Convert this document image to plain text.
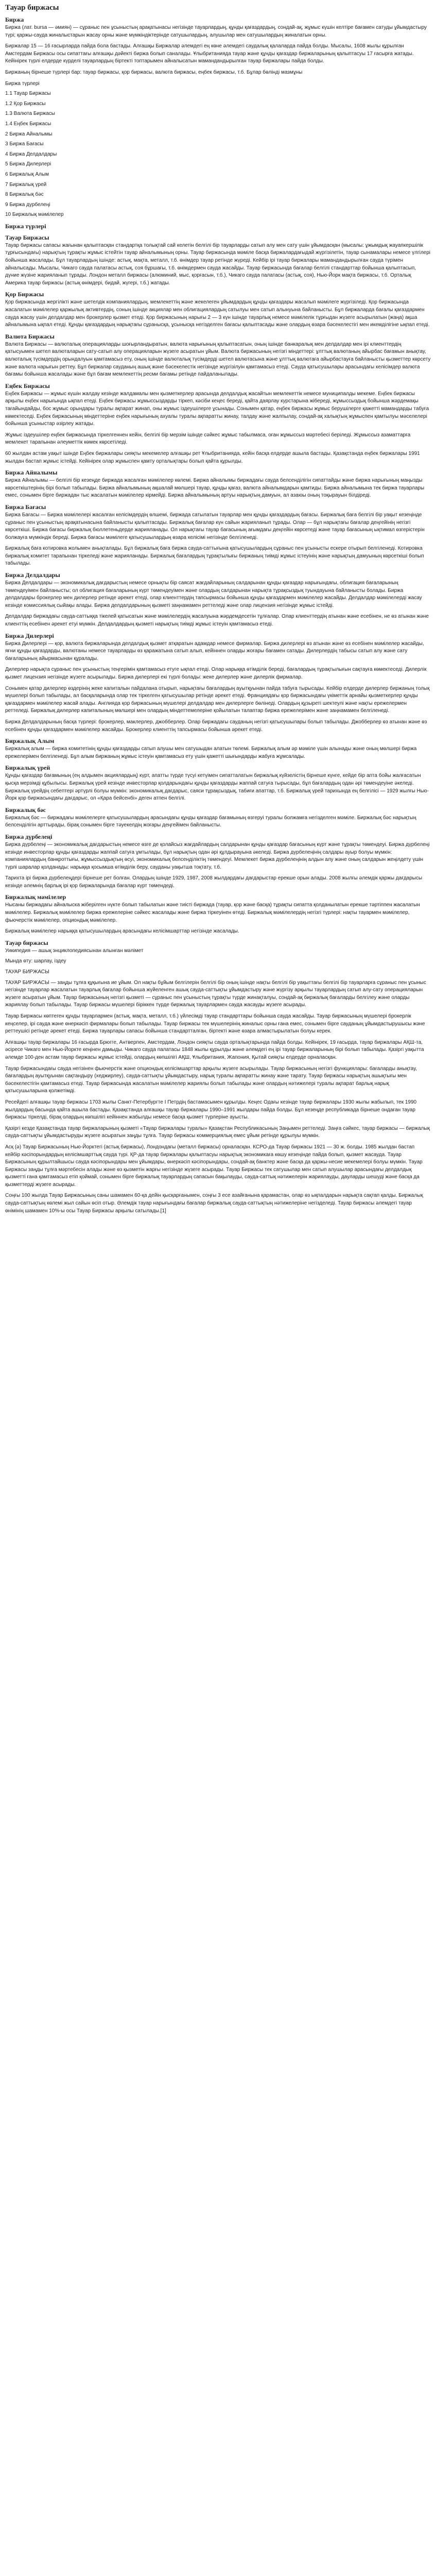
Тауар биржасы
Биржа

Биржа (лат. bursa — әмиян) — сұраныс пен ұсыныстың арақатынасы негізінде тауарлардың, құнды қағаздардың, сондай-ақ, жұмыс күшін келтіре бағамен сатуды ұйымдастыру түрі; қаржы-сауда жиналыстарын жасау орны және мүмкіндіктерінде сатушылардың, алушылар мен сатушылардың жиналатын орны.

Биржалар 15 — 16 ғасырларда пайда бола бастады. Алғашқы Биржалар әлемдегі ең көне әлемдегі саудалық қалаларда пайда болды. Мысалы, 1608 жылы құрылған Амстердам Биржасы осы сипаттағы алғашқы дәйекті биржа болып саналады. Ұлыбританияда тауар және құнды қағаздар биржаларының қалыптасуы 17 ғасырға жатады. Кейінірек түрлі елдерде күрделі тауарлардың біртекті топтарымен айналысатын мамандандырылған тауар биржалары пайда болды.

Биржаның бірнеше түрлері бар: тауар биржасы, қор биржасы, валюта биржасы, еңбек биржасы, т.б. Бұлар бөлінді мазмұны

Биржа түрлері
1.1 Тауар Биржасы
1.2 Қор Биржасы
1.3 Валюта Биржасы
1.4 Еңбек Биржасы
2 Биржа Айналымы
3 Биржа Бағасы
4 Биржа Делдалдары
5 Биржа Дилерлері
6 Биржалық Алым
7 Биржалық үрей
8 Биржалық бәс
9 Биржа дүрбелеңі
10 Биржалық мәмілелер
Биржа түрлері
Тауар Биржасы

Тауар биржасы сапасы жағынан қалыптасқан стандартқа толықтай сай келетін белгілі бір тауарларды сатып алу мен сату үшін ұйымдасқан (мысалы: ұжымдық жауапкершілік тұрғысындағы) нарықтың тұрақты жұмыс істейтін тауар айналымының орны. Тауар биржасында мәміле басқа биржалардағыдай жүргізілетін, тауар сынамалары немесе үлгілері бойынша жасалады. Бұл тауарлардың ішінде: астық, мақта, металл, т.б. өнімдер тауар ретінде жүреді. Кейбір ірі тауар биржалары мамандандырылған сауда түрімен айналысады. Мысалы, Чикаго сауда палатасы астық, соя бұршағы, т.б. өнімдермен сауда жасайды. Тауар биржасында бағалар белгілі стандарттар бойынша қалыптасып, дүние жүзіне жарияланып тұрады. Лондон металл биржасы (алюминий, мыс, қорғасын, т.б.), Чикаго сауда палатасы (астық, соя), Нью-Йорк мақта биржасы, т.б. Орталық Америка тауар биржасы (астық өнімдері, бидай, жүгері, т.б.) жатады.

Қор Биржасы

Қор биржасында жергілікті және шетелдік компаниялардың, мемлекеттің және жекелеген ұйымдардың құнды қағаздары жасалып мәмілеге жүргізіледі. Қор биржасында жасалатын мәмілелер қаржылық активтердің, соның ішінде акциялар мен облигациялардың сатылуы мен сатып алынуына байланысты. Бұл биржаларда бағалы қағаздармен сауда жасау үшін делдалдар мен брокерлер қызмет етеді. Қор биржасының нарығы 2 — 3 күн ішінде тауарлық немесе мәмілелік тұрғыдан жүзеге асырылатын (жаңа) ақша айналымына ықпал етеді. Құнды қағаздардың нарықтағы сұранысқа, ұсынысқа негізделген бағасы қалыптасады және олардың өзара бәсекелестігі мен икемділігіне ықпал етеді.

Валюта Биржасы

Валюта Биржасы — валюталық операцияларды шоғырландыратын, валюта нарығының қалыптасатын, оның ішінде банкаралық мен делдалдар мен ірі клиенттердің қатысуымен шетел валюталарын сату-сатып алу операцияларын жүзеге асыратын ұйым. Валюта биржасының негізгі міндеттері: ұлттық валютаның айырбас бағамын анықтау, валюталық түсімдердің орындалуын қамтамасыз ету, оның ішінде валюталық түсімдерді шетел валютасына және ұлттық валютаға айырбастауға байланысты қызметтер көрсету және валюта нарығын реттеу. Бұл биржалар сауданың ашық және бәсекелестік негізінде жүргізілуін қамтамасыз етеді. Сауда қатысушылары арасындағы келісімдер валюта бағамы бойынша жасалады және бұл бағам мемлекеттің ресми бағамы ретінде пайдаланылады.

Еңбек Биржасы

Еңбек Биржасы — жұмыс күшін жалдау кезінде жалдамалы мен қызметкерлер арасында делдалдық жасайтын мемлекеттік немесе муниципалды мекеме. Еңбек биржасы арқылы еңбек нарығында ықпал етеді. Еңбек биржасы жұмыссыздарды тіркеп, кәсіби кеңес береді, қайта даярлау курстарына жібереді, жұмыссыздық бойынша жәрдемақы тағайындайды, бос жұмыс орындары туралы ақпарат жинап, оны жұмыс іздеушілерге ұсынады. Сонымен қатар, еңбек биржасы жұмыс берушілерге қажетті мамандарды табуға көмектеседі. Еңбек биржасының міндеттеріне еңбек нарығының ахуалы туралы ақпаратты жинау, талдау және жалпылау, сондай-ақ халықтың жұмыспен қамтылуы мәселелері бойынша ұсыныстар әзірлеу жатады.

Жұмыс іздеушілер еңбек биржасында тіркелгеннен кейін, белгілі бір мерзім ішінде сәйкес жұмыс табылмаса, оған жұмыссыз мәртебесі беріледі. Жұмыссыз азаматтарға мемлекет тарапынан әлеуметтік көмек көрсетіледі.

60 жылдан астам уақыт ішінде Еңбек биржалары сияқты мекемелер алғашқы рет Ұлыбританияда, кейін басқа елдерде ашыла бастады. Қазақстанда еңбек биржалары 1991 жылдан бастап жұмыс істейді. Кейінірек олар жұмыспен қамту орталықтары болып қайта құрылды.

Биржа Айналымы

Биржа Айналымы — белгілі бір кезеңде биржада жасалған мәмілелер көлемі. Биржа айналымы биржадағы сауда белсенділігін сипаттайды және биржа нарығының маңызды көрсеткіштерінің бірі болып табылады. Биржа айналымының ақшалай мөлшері тауар, құнды қағаз, валюта айналымдарын қамтиды. Биржа айналымына тек биржа тауарлары емес, сонымен бірге биржадан тыс жасалатын мәмілелер кірмейді. Биржа айналымының артуы нарықтың дамуын, ал азаюы оның тоқырауын білдіреді.

Биржа Бағасы

Биржа Бағасы — Биржа мәмілелері жасалған келісімдердің өлшемі, биржада сатылатын тауарлар мен құнды қағаздардың бағасы. Биржалық баға белгілі бір уақыт кезеңінде сұраныс пен ұсыныстың арақатынасына байланысты қалыптасады. Биржалық бағалар күн сайын жарияланып тұрады. Олар — бұл нарықтағы бағалар деңгейінің негізгі көрсеткіші. Биржа бағасы биржалық бюллетеньдерде жарияланады. Ол нарықтағы тауар бағасының ағымдағы деңгейін көрсетеді және тауар бағасының ықтимал өзгерістерін болжауға мүмкіндік береді. Биржа бағасы мәмілеге қатысушылардың өзара келісімі негізінде белгіленеді.

Биржалық баға котировка жолымен анықталады. Бұл биржалық баға биржа сауда-саттығына қатысушылардың сұраныс пен ұсынысты ескере отырып белгіленеді. Котировка биржалық комитет тарапынан тіркеледі және жарияланады. Биржалық бағалардың тұрақтылығы биржаның тиімді жұмыс істеуінің және нарықтың дамуының көрсеткіші болып табылады.

Биржа Делдалдары

Биржа Делдалдары — экономикалық дағдарыстың немесе орнықты бір саясат жағдайларының салдарынан құнды қағаздар нарығындағы, облигация бағаларының төмендеуімен байланысты; ол облигация бағаларының күрт төмендеуімен және олардың салдарынан нарықта тұрақсыздық туындауына байланысты болады. Биржа делдалдары брокерлер мен дилерлер ретінде әрекет етеді, олар клиенттердің тапсырмасы бойынша құнды қағаздармен мәмілелер жасайды. Делдалдар мәмілелерді жасау кезінде комиссиялық сыйақы алады. Биржа делдалдарының қызметі заңнамамен реттеледі және олар лицензия негізінде жұмыс істейді.

Делдалдар биржадағы сауда-саттыққа тікелей қатысатын және мәмілелердің жасалуына жәрдемдесетін тұлғалар. Олар клиенттердің атынан және есебінен, не өз атынан және клиенттің есебінен әрекет етуі мүмкін. Делдалдардың қызметі нарықтың тиімді жұмыс істеуін қамтамасыз етеді.

Биржа Дилерлері

Биржа Дилерлері — қор, валюта биржаларында делдалдық қызмет атқаратын адамдар немесе фирмалар. Биржа дилерлері өз атынан және өз есебінен мәмілелер жасайды, яғни құнды қағаздарды, валютаны немесе тауарларды өз қаражатына сатып алып, кейіннен оларды жоғары бағамен сатады. Дилерлердің табысы сатып алу және сату бағаларының айырмасынан құралады.

Дилерлер нарықта сұраныс пен ұсыныстың теңгерімін қамтамасыз етуге ықпал етеді. Олар нарыққа өтімділік береді, бағалардың тұрақтылығын сақтауға көмектеседі. Дилерлік қызмет лицензия негізінде жүзеге асырылады. Биржа дилерлері екі түрлі болады: жеке дилерлер және дилерлік фирмалар.

Сонымен қатар дилерлер өздерінің жеке капиталын пайдалана отырып, нарықтағы бағалардың ауытқуынан пайда табуға тырысады. Кейбір елдерде дилерлер биржаның толық мүшелері болып табылады, ал басқаларында олар тек тіркелген қатысушылар ретінде әрекет етеді. Франциядағы қор биржасындағы үкіметтік арнайы қызметкерлер құнды қағаздармен мәмілелер жасай алады. Англияда қор биржасының мүшелері делдалдар мен дилерлерге бөлінеді. Олардың құзыреті шектеулі және нақты ережелермен реттеледі. Биржалық дилерлер капиталының мөлшері мен олардың міндеттемелеріне қойылатын талаптар биржа ережелерімен және заңнамамен белгіленеді.

Биржа Делдалдарының басқа түрлері: брокерлер, маклерлер, джобберлер. Олар биржадағы сауданың негізгі қатысушылары болып табылады. Джобберлер өз атынан және өз есебінен құнды қағаздармен мәмілелер жасайды. Брокерлер клиенттің тапсырмасы бойынша әрекет етеді.

Биржалық Алым

Биржалық алым — биржа комитетінің құнды қағаздарды сатып алушы мен сатушыдан алатын төлемі. Биржалық алым әр мәміле үшін алынады және оның мөлшері биржа ережелерімен белгіленеді. Бұл алым биржаның жұмыс істеуін қамтамасыз ету үшін қажетті шығындарды жабуға жұмсалады.

Биржалық үрей

Құнды қағаздар бағамының (ең алдымен акциялардың) күрт, апатты түрде түсуі кетүімен сипатталатын биржалық күйзелістің бірнеше күнге, кейде бір апта бойы жалғасатын қысқа мерзімді құбылысы. Биржалық үрей кезінде инвесторлар қолдарындағы құнды қағаздарды жаппай сатуға тырысады, бұл бағалардың одан әрі төмендеуіне әкеледі. Биржалық үрейдің себептері әртүрлі болуы мүмкін: экономикалық дағдарыс, саяси тұрақсыздық, табиғи апаттар, т.б. Биржалық үрей тарихында ең белгілісі — 1929 жылғы Нью-Йорк қор биржасындағы дағдарыс, ол «Қара бейсенбі» деген атпен белгілі.

Биржалық бәс

Биржалық бәс — биржадағы мәмілелерге қатысушылардың арасындағы құнды қағаздар бағамының өзгеруі туралы болжамға негізделген мәміле. Биржалық бәс нарықтың белсенділігін арттырады, бірақ сонымен бірге тәуекелдің жоғары деңгейімен байланысты.

Биржа дүрбелеңі

Биржа дүрбелеңі — экономикалық дағдарыстың немесе өзге де қолайсыз жағдайлардың салдарынан құнды қағаздар бағасының күрт және тұрақты төмендеуі. Биржа дүрбелеңі кезінде инвесторлар құнды қағаздарды жаппай сатуға ұмтылады, бұл нарықтың одан әрі құлдырауына әкеледі. Биржа дүрбелеңінің салдары ауыр болуы мүмкін: компаниялардың банкроттығы, жұмыссыздықтың өсуі, экономикалық белсенділіктің төмендеуі. Мемлекет биржа дүрбелеңінің алдын алу және оның салдарын жеңілдету үшін түрлі шаралар қолданады: нарыққа қосымша өтімділік беру, сауданы уақытша тоқтату, т.б.

Тарихта ірі биржа дүрбелеңдері бірнеше рет болған. Олардың ішінде 1929, 1987, 2008 жылдардағы дағдарыстар ерекше орын алады. 2008 жылғы әлемдік қаржы дағдарысы кезінде әлемнің барлық ірі қор биржаларында бағалар күрт төмендеді.

Биржалық мәмілелер

Нысаны биржадағы айналыска жіберілген нүкте болып табылатын және тиісті биржада (тауар, қор және басқа) тұрақты сипатта қолданылатын ерекше тәртіппен жасалатын мәмілелер. Биржалық мәмілелер биржа ережелеріне сәйкес жасалады және биржа тіркеуінен өтеді. Биржалық мәмілелердің негізгі түрлері: нақты тауармен мәмілелер, фьючерстік мәмілелер, опциондық мәмілелер.

Биржалық мәмілелер нарыққа қатысушылардың арасындағы келісімшарттар негізінде жасалады.

Тауар биржасы
Уикипедия — ашық энциклопедиясынан алынған мәлімет
Мында өту: шарлау, іздеу
ТАУАР БИРЖАСЫ

ТАУАР БИРЖАСЫ — заңды тұлға құқығына ие ұйым. Ол нақты бұйым белгілерін белгілі бір оның ішінде нақты белгілі бір уақыттағы белгілі бір тауарларға сұраныс пен ұсыныс негізінде тауарлар жасалатын тауарлық бағалар бойынша жүйеленген ашық сауда-саттықты ұйымдастыру және жүргізу арқылы тауарлардың сатып алу-сату операцияларын жүзеге асыратын ұйым. Тауар биржасының негізгі қызметі — сұраныс пен ұсыныстың тұрақты түрде жинақталуы, сондай-ақ биржалық бағаларды белгілеу және оларды жариялау болып табылады. Тауар биржасы мүшелері біріккен түрде биржалық тауарлармен сауда жасауды жүзеге асырады.

Тауар Биржасы көптеген құнды тауарлармен (астық, мақта, металл, т.б.) үйлесімді тауар стандарттары бойынша сауда жасайды. Тауар биржасының мүшелері брокерлік кеңселер, ірі сауда және өнеркәсіп фирмалары болып табылады. Тауар биржасы тек мүшелерінің жиналыс орны ғана емес, сонымен бірге сауданың ұйымдастырушысы және реттеушісі ретінде әрекет етеді. Биржа тауарлары сапасы бойынша стандартталған, біртекті және өзара алмастырылатын болуы керек.

Алғашқы тауар биржалары 16 ғасырда Брюгге, Антверпен, Амстердам, Лондон сияқты сауда орталықтарында пайда болды. Кейінірек, 19 ғасырда, тауар биржалары АҚШ-та, әсіресе Чикаго мен Нью-Йоркте кеңінен дамыды. Чикаго сауда палатасы 1848 жылы құрылды және әлемдегі ең ірі тауар биржаларының бірі болып табылады. Қазіргі уақытта әлемде 100-ден астам тауар биржасы жұмыс істейді, олардың көпшілігі АҚШ, Ұлыбритания, Жапония, Қытай сияқты елдерде орналасқан.

Тауар биржасындағы сауда негізінен фьючерстік және опциондық келісімшарттар арқылы жүзеге асырылады. Тауар биржасының негізгі функциялары: бағаларды анықтау, бағалардың ауытқуынан сақтандыру (хеджирлеу), сауда-саттықты ұйымдастыру, нарық туралы ақпаратты жинау және тарату. Тауар биржасы нарықтың ашықтығы мен бәсекелестігін қамтамасыз етеді. Тауар биржасында жасалатын мәмілелер жариялы болып табылады және олардың нәтижелері туралы ақпарат барлық нарық қатысушыларына қолжетімді.

Ресейдегі алғашқы тауар биржасы 1703 жылы Санкт-Петербургте I Петрдің бастамасымен құрылды. Кеңес Одағы кезінде тауар биржалары 1930 жылы жабылып, тек 1990 жылдардың басында қайта ашыла бастады. Қазақстанда алғашқы тауар биржалары 1990–1991 жылдары пайда болды. Бұл кезеңде республикада бірнеше ондаған тауар биржасы тіркелді, бірақ олардың көпшілігі кейіннен жабылды немесе басқа қызмет түрлеріне ауысты.

Қазіргі кезде Қазақстанда тауар биржаларының қызметі «Тауар биржалары туралы» Қазақстан Республикасының Заңымен реттеледі. Заңға сәйкес, тауар биржасы — биржалық сауда-саттықты ұйымдастыруды жүзеге асыратын заңды тұлға. Тауар биржасы коммерциялық емес ұйым ретінде құрылуы мүмкін.

Асқ (ә) Тауар Биржасының Нью-Йорктегі (астық биржасы), Лондондағы (металл биржасы) орналасқан. КСРО-да Тауар биржасы 1921 — 30 ж. болды. 1985 жылдан бастап кейбір кәсіпорындардың келісімшарттық сауда түрі. ҚР-да тауар биржалары қалыптасуы нарықтық экономикаға көшу кезеңінде пайда болып, қызмет жасауда. Тауар Биржасының құрылтайшысы сауда кәсіпорындары мен ұйымдары, өнеркәсіп кәсіпорындары, сондай-ақ банктер және басқа да қаржы-несие мекемелері болуы мүмкін. Тауар Биржасы заңды тұлға мәртебесін алады және өз қызметін жарғы негізінде жүзеге асырады. Тауар Биржасы тек сатушылар мен сатып алушылар арасындағы делдалдық қызметті ғана қамтамасыз етіп қоймай, сонымен бірге биржалық тауарлардың сапасын бақылауды, сауда-саттық нәтижелерін жариялауды, дауларды шешуді және басқа да қызметтерді жүзеге асырады.

Соңғы 100 жылда Тауар Биржасының саны шамамен 60-қа дейін қысқарғанымен, соңғы 3 есе азайғанына қарамастан, олар өз ықпалдарын нарықта сақтап қалды. Биржалық сауда-саттықтың көлемі жыл сайын өсіп отыр. Әлемдік тауар нарығындағы бағалар биржалық сауда-саттықтың нәтижелеріне негізделеді. Тауар биржасы әлемдегі тауар өнімінің шамамен 10%-ы осы Тауар Биржасы арқылы сатылады.[1]
